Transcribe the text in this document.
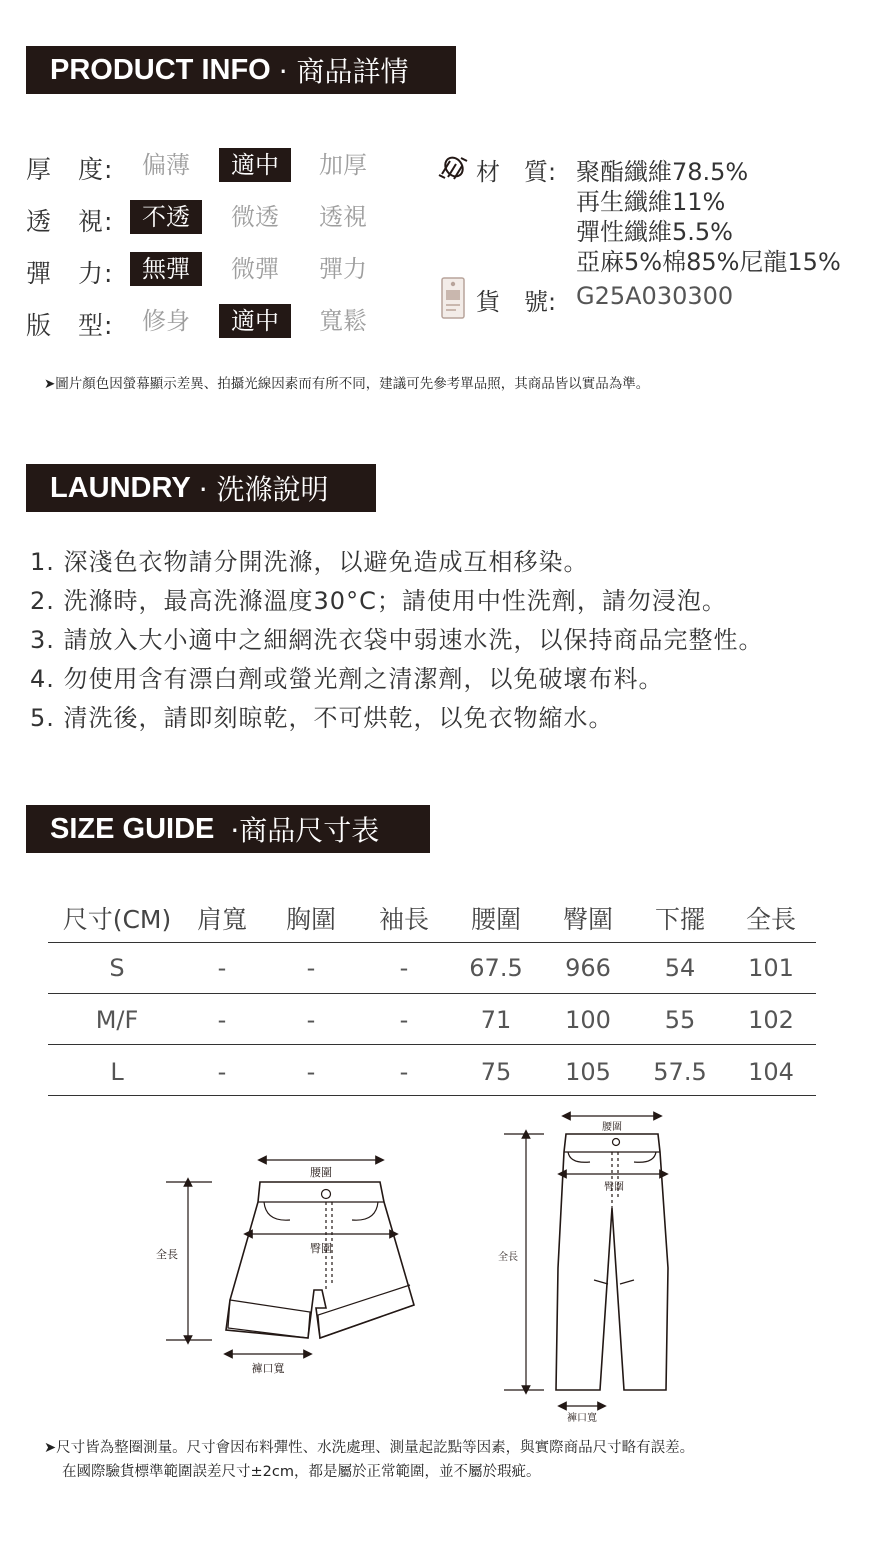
PRODUCT INFO · 商品詳情
厚　度:	偏薄	適中	加厚
透　視:	不透	微透	透視
彈　力:	無彈	微彈	彈力
版　型:	修身	適中	寬鬆
材　質: 聚酯纖維78.5%
再生纖維11%
彈性纖維5.5%
亞麻5%棉85%尼龍15%
貨　號: G25A030300
➤圖片顏色因螢幕顯示差異、拍攝光線因素而有所不同，建議可先參考單品照，其商品皆以實品為準。
LAUNDRY · 洗滌說明
1. 深淺色衣物請分開洗滌，以避免造成互相移染。
2. 洗滌時，最高洗滌溫度30°C；請使用中性洗劑，請勿浸泡。
3. 請放入大小適中之細網洗衣袋中弱速水洗，以保持商品完整性。
4. 勿使用含有漂白劑或螢光劑之清潔劑，以免破壞布料。
5. 清洗後，請即刻晾乾，不可烘乾，以免衣物縮水。
SIZE GUIDE ·商品尺寸表
尺寸(CM)	肩寬	胸圍	袖長	腰圍	臀圍	下擺	全長
S	-	-	-	67.5	966	54	101
M/F	-	-	-	71	100	55	102
L	-	-	-	75	105	57.5	104
腰圍
臀圍
全長
褲口寬
腰圍
臀圍
全長
褲口寬
➤尺寸皆為整圈測量。尺寸會因布料彈性、水洗處理、測量起訖點等因素，與實際商品尺寸略有誤差。
在國際驗貨標準範圍誤差尺寸±2cm，都是屬於正常範圍，並不屬於瑕疵。
